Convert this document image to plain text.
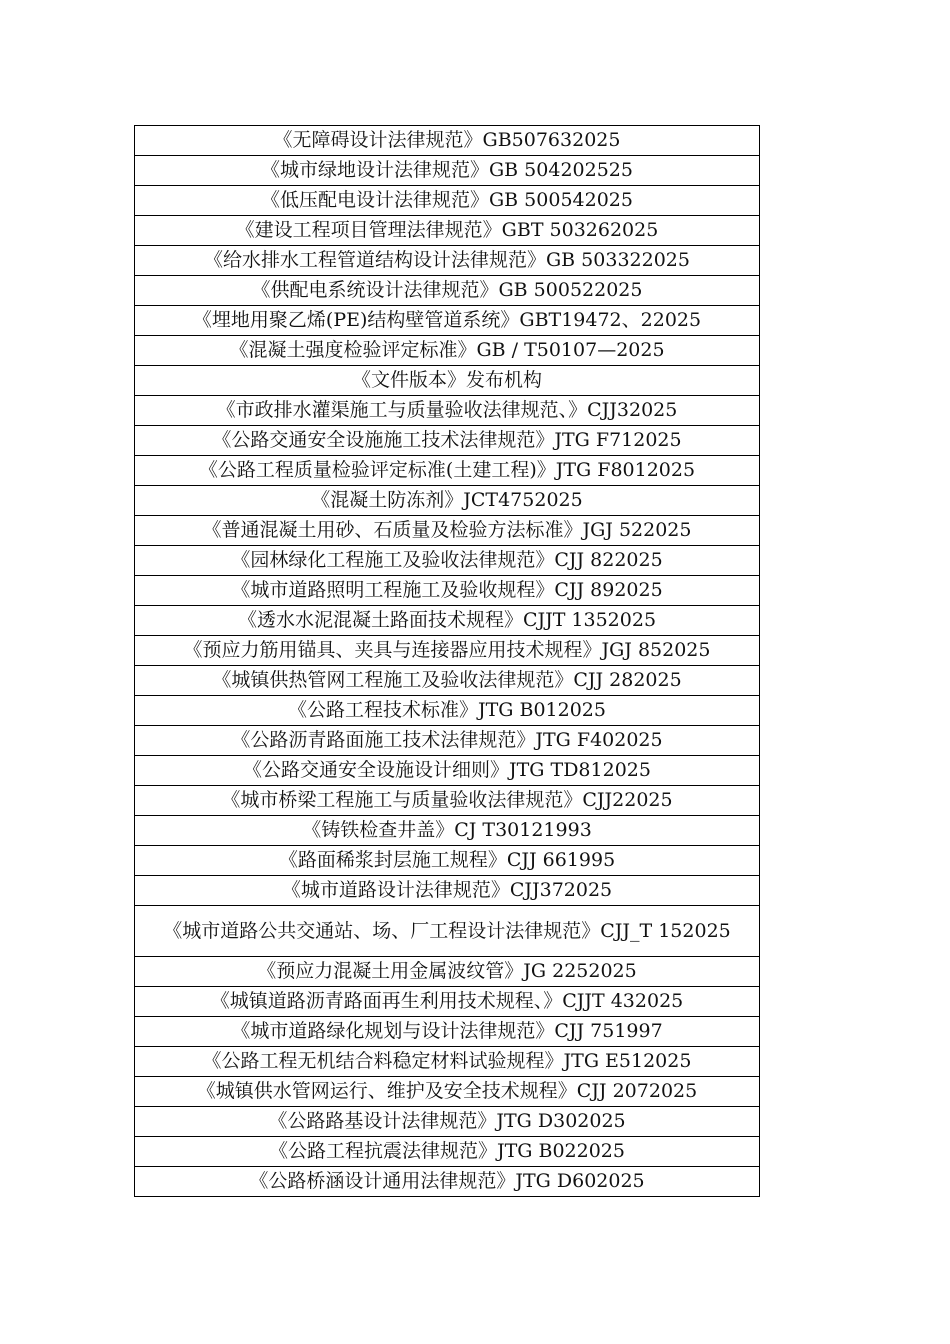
《无障碍设计法律规范》GB507632025
《城市绿地设计法律规范》GB 504202525
《低压配电设计法律规范》GB 500542025
《建设工程项目管理法律规范》GBT 503262025
《给水排水工程管道结构设计法律规范》GB 503322025
《供配电系统设计法律规范》GB 500522025
《埋地用聚乙烯(PE)结构壁管道系统》GBT19472、22025
《混凝土强度检验评定标准》GB / T50107—2025
《文件版本》发布机构
《市政排水灌渠施工与质量验收法律规范、》CJJ32025
《公路交通安全设施施工技术法律规范》JTG F712025
《公路工程质量检验评定标准(土建工程)》JTG F8012025
《混凝土防冻剂》JCT4752025
《普通混凝土用砂、石质量及检验方法标准》JGJ 522025
《园林绿化工程施工及验收法律规范》CJJ 822025
《城市道路照明工程施工及验收规程》CJJ 892025
《透水水泥混凝土路面技术规程》CJJT 1352025
《预应力筋用锚具、夹具与连接器应用技术规程》JGJ 852025
《城镇供热管网工程施工及验收法律规范》CJJ 282025
《公路工程技术标准》JTG B012025
《公路沥青路面施工技术法律规范》JTG F402025
《公路交通安全设施设计细则》JTG TD812025
《城市桥梁工程施工与质量验收法律规范》CJJ22025
《铸铁检查井盖》CJ T30121993
《路面稀浆封层施工规程》CJJ 661995
《城市道路设计法律规范》CJJ372025
《城市道路公共交通站、场、厂工程设计法律规范》CJJ_T 152025
《预应力混凝土用金属波纹管》JG 2252025
《城镇道路沥青路面再生利用技术规程、》CJJT 432025
《城市道路绿化规划与设计法律规范》CJJ 751997
《公路工程无机结合料稳定材料试验规程》JTG E512025
《城镇供水管网运行、维护及安全技术规程》CJJ 2072025
《公路路基设计法律规范》JTG D302025
《公路工程抗震法律规范》JTG B022025
《公路桥涵设计通用法律规范》JTG D602025
